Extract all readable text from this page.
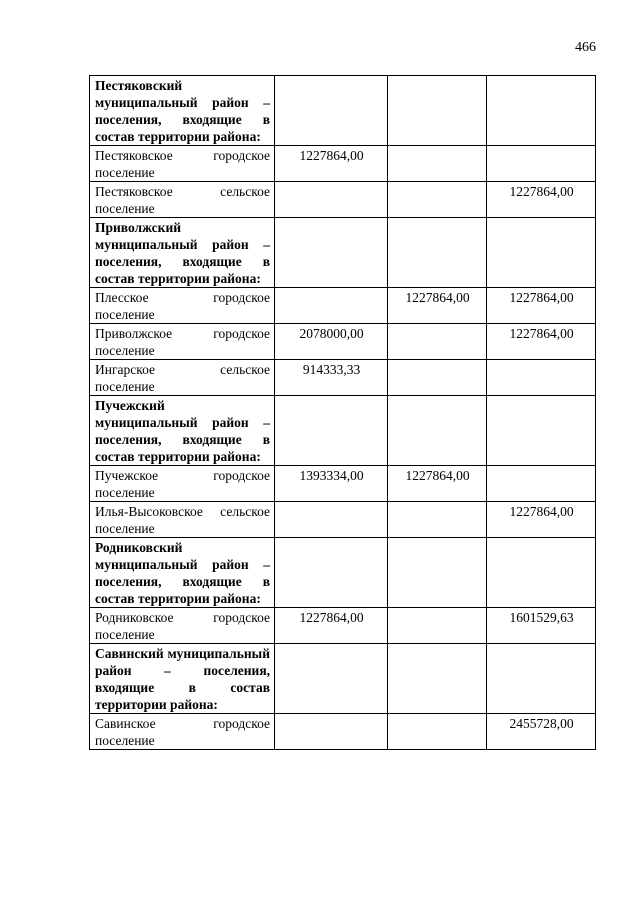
466
Пестяковский муниципальный район – поселения, входящие в состав территории района:			
Пестяковское городское поселение	1227864,00		
Пестяковское сельское поселение			1227864,00
Приволжский муниципальный район – поселения, входящие в состав территории района:			
Плесское городское поселение		1227864,00	1227864,00
Приволжское городское поселение	2078000,00		1227864,00
Ингарское сельское поселение	914333,33		
Пучежский муниципальный район – поселения, входящие в состав территории района:			
Пучежское городское поселение	1393334,00	1227864,00	
Илья-Высоковское сельское поселение			1227864,00
Родниковский муниципальный район – поселения, входящие в состав территории района:			
Родниковское городское поселение	1227864,00		1601529,63
Савинский муниципальный район – поселения, входящие в состав территории района:			
Савинское городское поселение			2455728,00
